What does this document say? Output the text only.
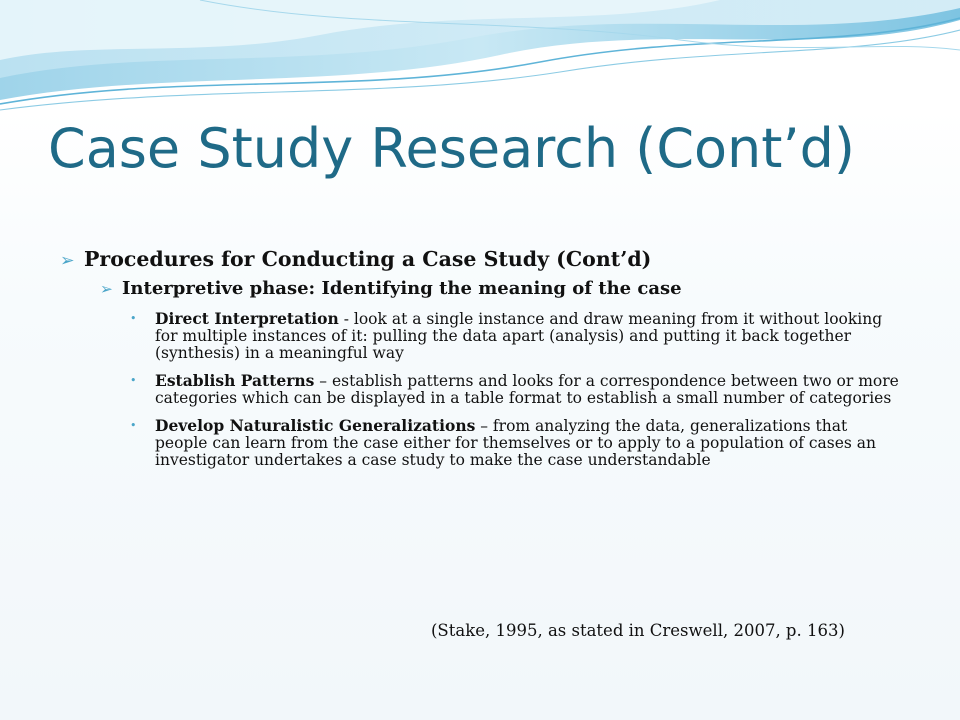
Case Study Research (Cont’d)
➢ Procedures for Conducting a Case Study (Cont’d)
➢ Interpretive phase: Identifying the meaning of the case
• Direct Interpretation - look at a single instance and draw meaning from it without looking for multiple instances of it: pulling the data apart (analysis) and putting it back together (synthesis) in a meaningful way
• Establish Patterns – establish patterns and looks for a correspondence between two or more categories which can be displayed in a table format to establish a small number of categories
• Develop Naturalistic Generalizations – from analyzing the data, generalizations that people can learn from the case either for themselves or to apply to a population of cases an investigator undertakes a case study to make the case understandable
(Stake, 1995, as stated in Creswell, 2007, p. 163)
